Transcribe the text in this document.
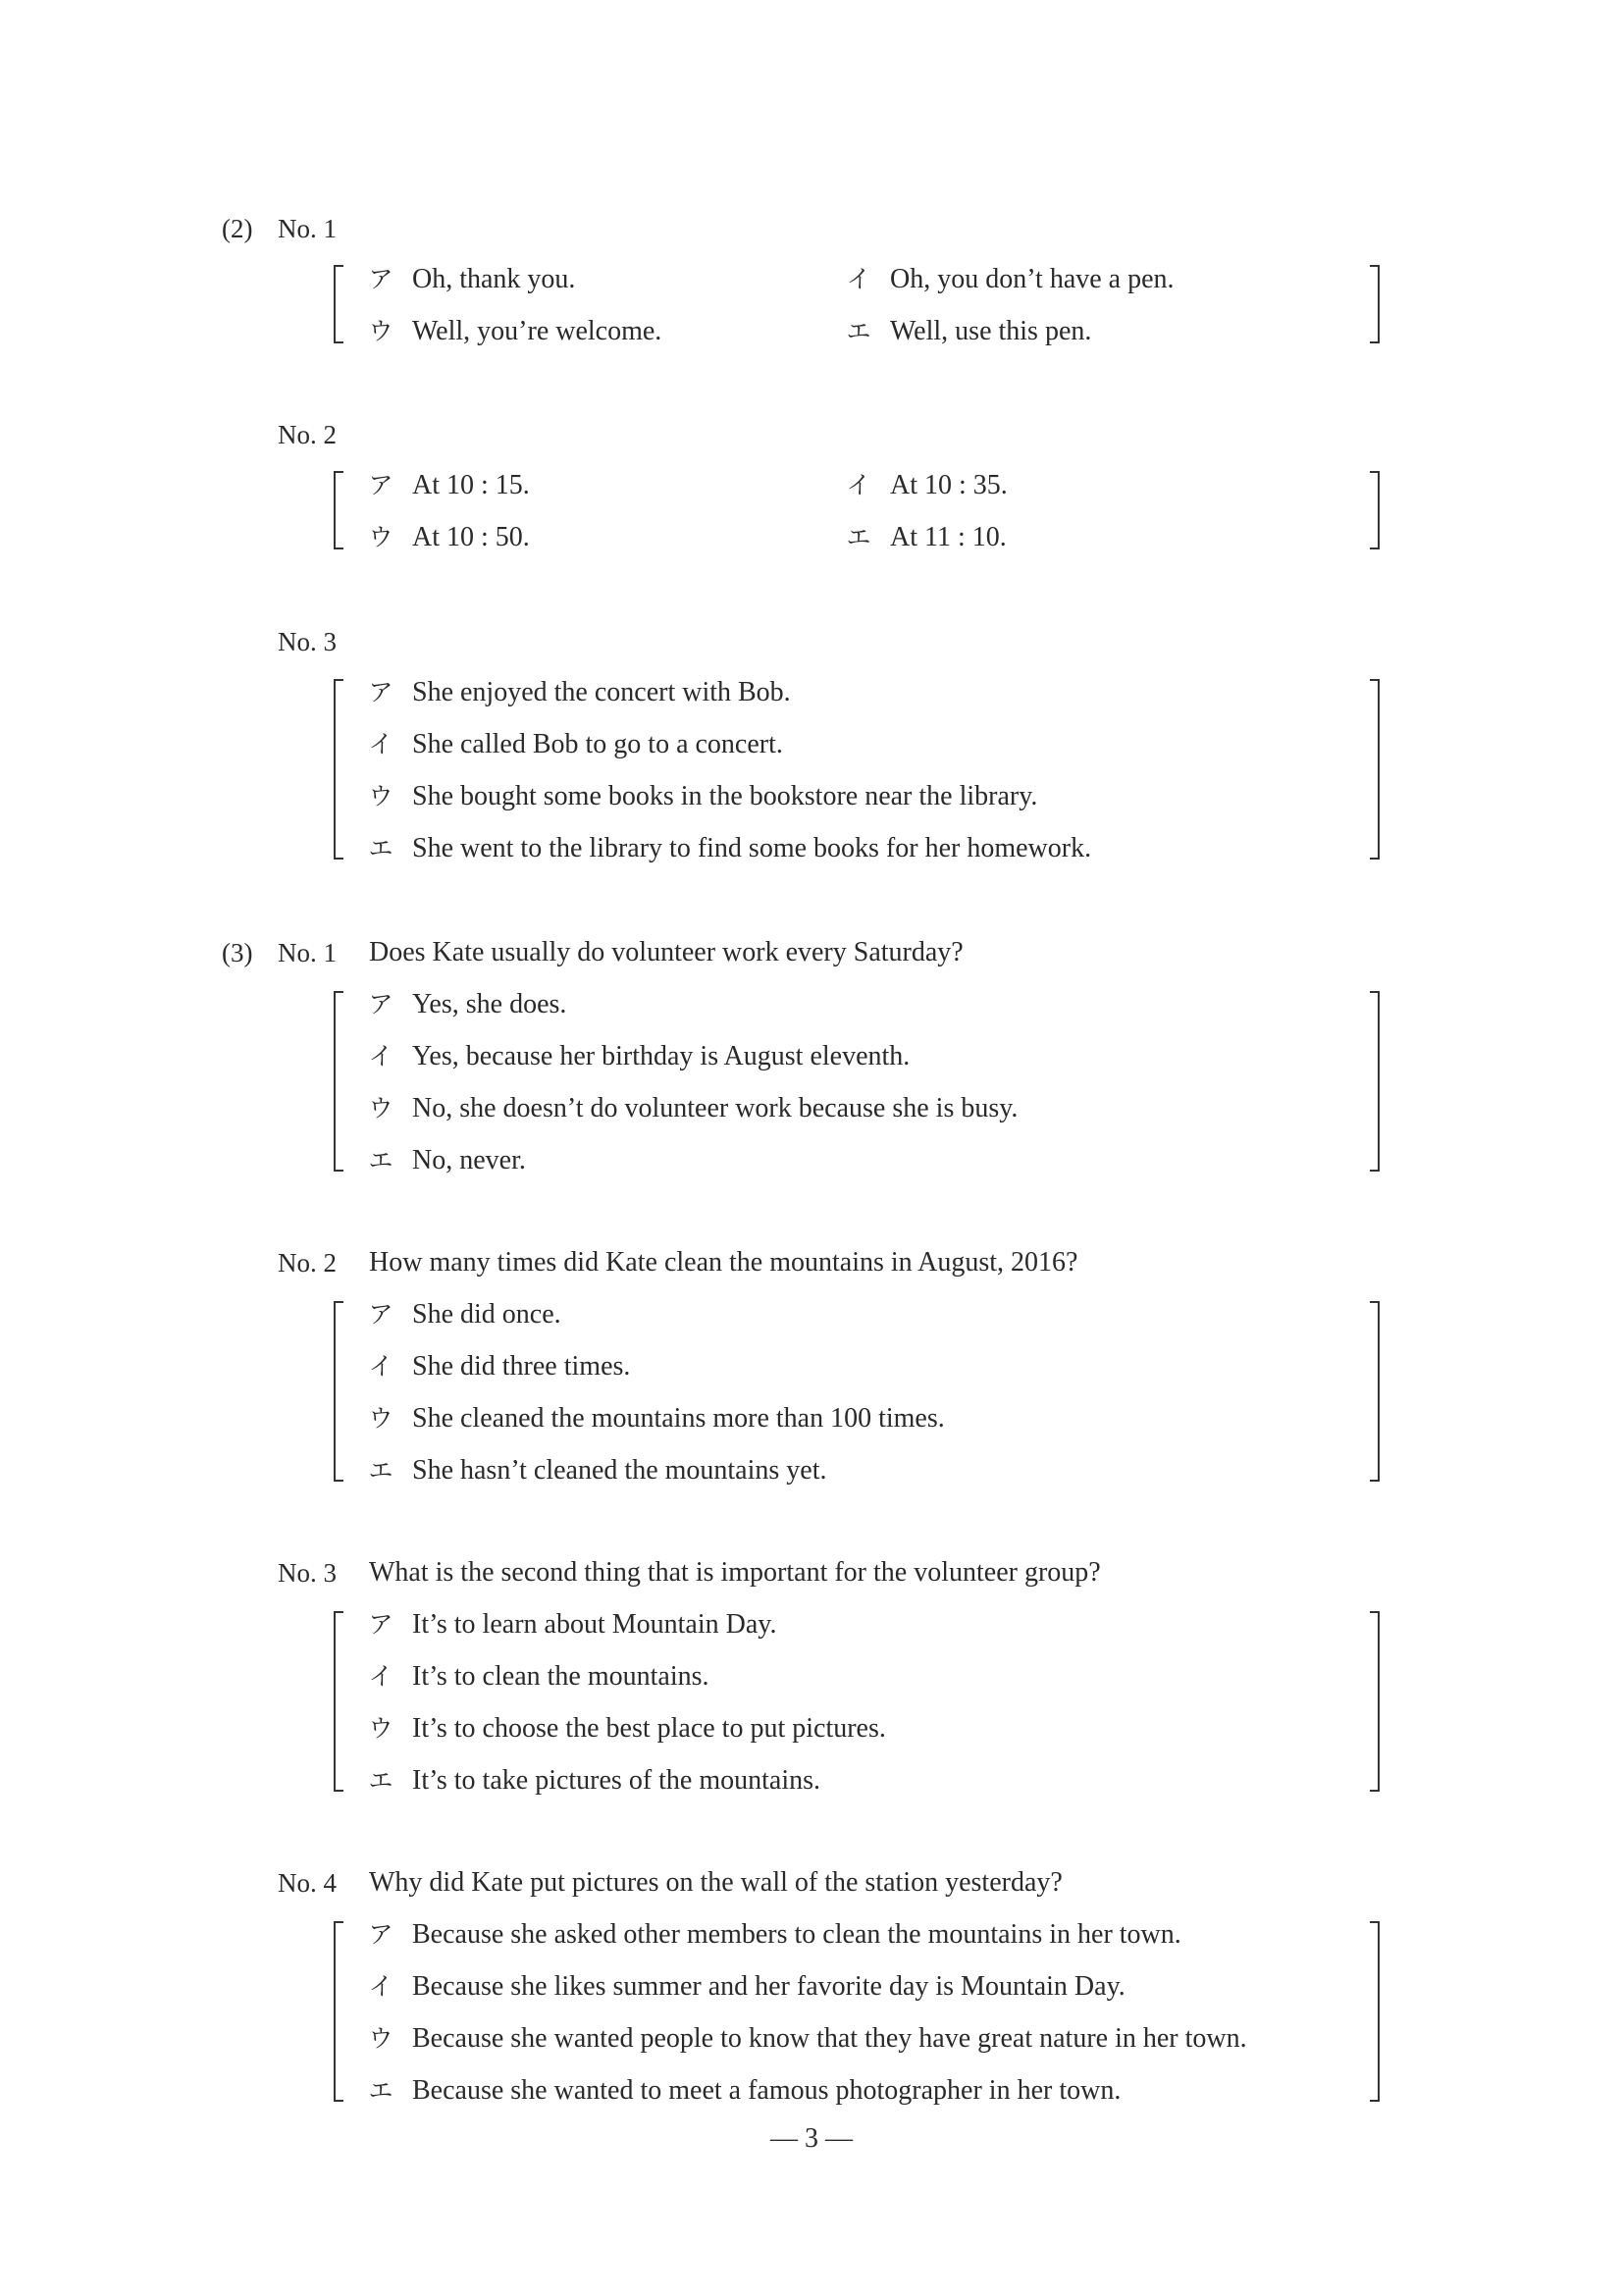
(2) No. 1
ア Oh, thank you.	イ Oh, you don’t have a pen.
ウ Well, you’re welcome.	エ Well, use this pen.
No. 2
ア At 10 : 15.	イ At 10 : 35.
ウ At 10 : 50.	エ At 11 : 10.
No. 3
ア She enjoyed the concert with Bob.
イ She called Bob to go to a concert.
ウ She bought some books in the bookstore near the library.
エ She went to the library to find some books for her homework.
(3) No. 1 Does Kate usually do volunteer work every Saturday?
ア Yes, she does.
イ Yes, because her birthday is August eleventh.
ウ No, she doesn’t do volunteer work because she is busy.
エ No, never.
No. 2 How many times did Kate clean the mountains in August, 2016?
ア She did once.
イ She did three times.
ウ She cleaned the mountains more than 100 times.
エ She hasn’t cleaned the mountains yet.
No. 3 What is the second thing that is important for the volunteer group?
ア It’s to learn about Mountain Day.
イ It’s to clean the mountains.
ウ It’s to choose the best place to put pictures.
エ It’s to take pictures of the mountains.
No. 4 Why did Kate put pictures on the wall of the station yesterday?
ア Because she asked other members to clean the mountains in her town.
イ Because she likes summer and her favorite day is Mountain Day.
ウ Because she wanted people to know that they have great nature in her town.
エ Because she wanted to meet a famous photographer in her town.
— 3 —
